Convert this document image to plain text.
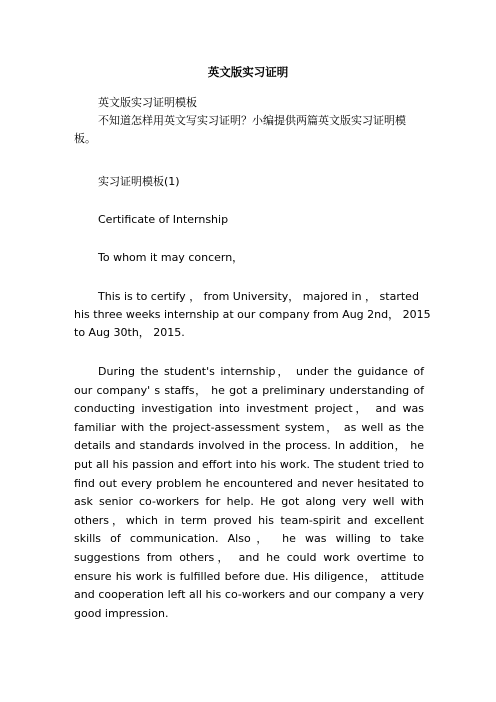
英文版实习证明

英文版实习证明模板

不知道怎样用英文写实习证明？小编提供两篇英文版实习证明模
板。

实习证明模板(1)

Certificate of Internship

To whom it may concern，

This is to certify ， from University， majored in ， started
his three weeks internship at our company from Aug 2nd， 2015
to Aug 30th， 2015.

During the student's internship， under the guidance of our company' s staffs， he got a preliminary understanding of conducting investigation into investment project， and was familiar with the project-assessment system， as well as the details and standards involved in the process. In addition， he put all his passion and effort into his work. The student tried to find out every problem he encountered and never hesitated to ask senior co-workers for help. He got along very well with others，which in term proved his team-spirit and excellent skills of communication. Also， he was willing to take suggestions from others， and he could work overtime to ensure his work is fulfilled before due. His diligence， attitude and cooperation left all his co-workers and our company a very good impression.
